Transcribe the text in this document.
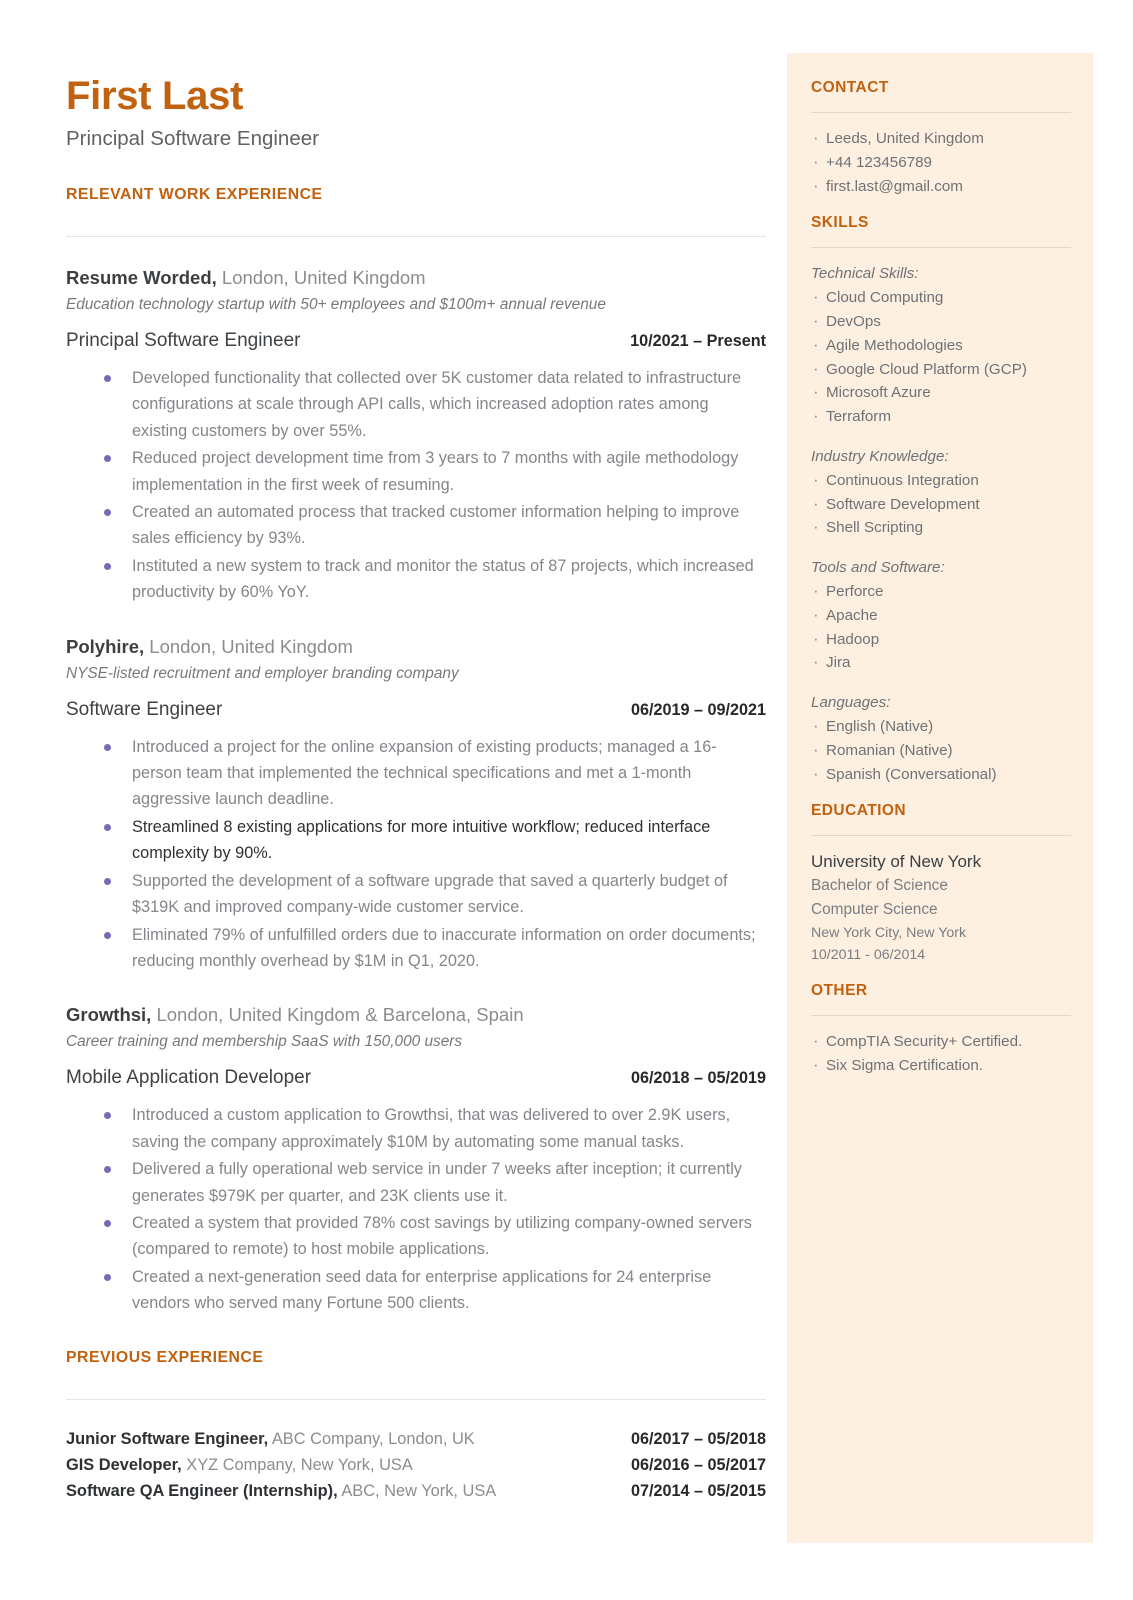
CONTACT
· Leeds, United Kingdom
· +44 123456789
· first.last@gmail.com
SKILLS
Technical Skills:
· Cloud Computing
· DevOps
· Agile Methodologies
· Google Cloud Platform (GCP)
· Microsoft Azure
· Terraform
Industry Knowledge:
· Continuous Integration
· Software Development
· Shell Scripting
Tools and Software:
· Perforce
· Apache
· Hadoop
· Jira
Languages:
· English (Native)
· Romanian (Native)
· Spanish (Conversational)
EDUCATION
University of New York
Bachelor of Science
Computer Science
New York City, New York
10/2011 - 06/2014
OTHER
· CompTIA Security+ Certified.
· Six Sigma Certification.
First Last
Principal Software Engineer
RELEVANT WORK EXPERIENCE
Resume Worded, London, United Kingdom
Education technology startup with 50+ employees and $100m+ annual revenue
Principal Software Engineer	10/2021 – Present
Developed functionality that collected over 5K customer data related to infrastructure configurations at scale through API calls, which increased adoption rates among existing customers by over 55%.
Reduced project development time from 3 years to 7 months with agile methodology implementation in the first week of resuming.
Created an automated process that tracked customer information helping to improve sales efficiency by 93%.
Instituted a new system to track and monitor the status of 87 projects, which increased productivity by 60% YoY.
Polyhire, London, United Kingdom
NYSE-listed recruitment and employer branding company
Software Engineer	06/2019 – 09/2021
Introduced a project for the online expansion of existing products; managed a 16-person team that implemented the technical specifications and met a 1-month aggressive launch deadline.
Streamlined 8 existing applications for more intuitive workflow; reduced interface complexity by 90%.
Supported the development of a software upgrade that saved a quarterly budget of $319K and improved company-wide customer service.
Eliminated 79% of unfulfilled orders due to inaccurate information on order documents; reducing monthly overhead by $1M in Q1, 2020.
Growthsi, London, United Kingdom & Barcelona, Spain
Career training and membership SaaS with 150,000 users
Mobile Application Developer	06/2018 – 05/2019
Introduced a custom application to Growthsi, that was delivered to over 2.9K users, saving the company approximately $10M by automating some manual tasks.
Delivered a fully operational web service in under 7 weeks after inception; it currently generates $979K per quarter, and 23K clients use it.
Created a system that provided 78% cost savings by utilizing company-owned servers (compared to remote) to host mobile applications.
Created a next-generation seed data for enterprise applications for 24 enterprise vendors who served many Fortune 500 clients.
PREVIOUS EXPERIENCE
Junior Software Engineer, ABC Company, London, UK	06/2017 – 05/2018
GIS Developer, XYZ Company, New York, USA	06/2016 – 05/2017
Software QA Engineer (Internship), ABC, New York, USA	07/2014 – 05/2015
